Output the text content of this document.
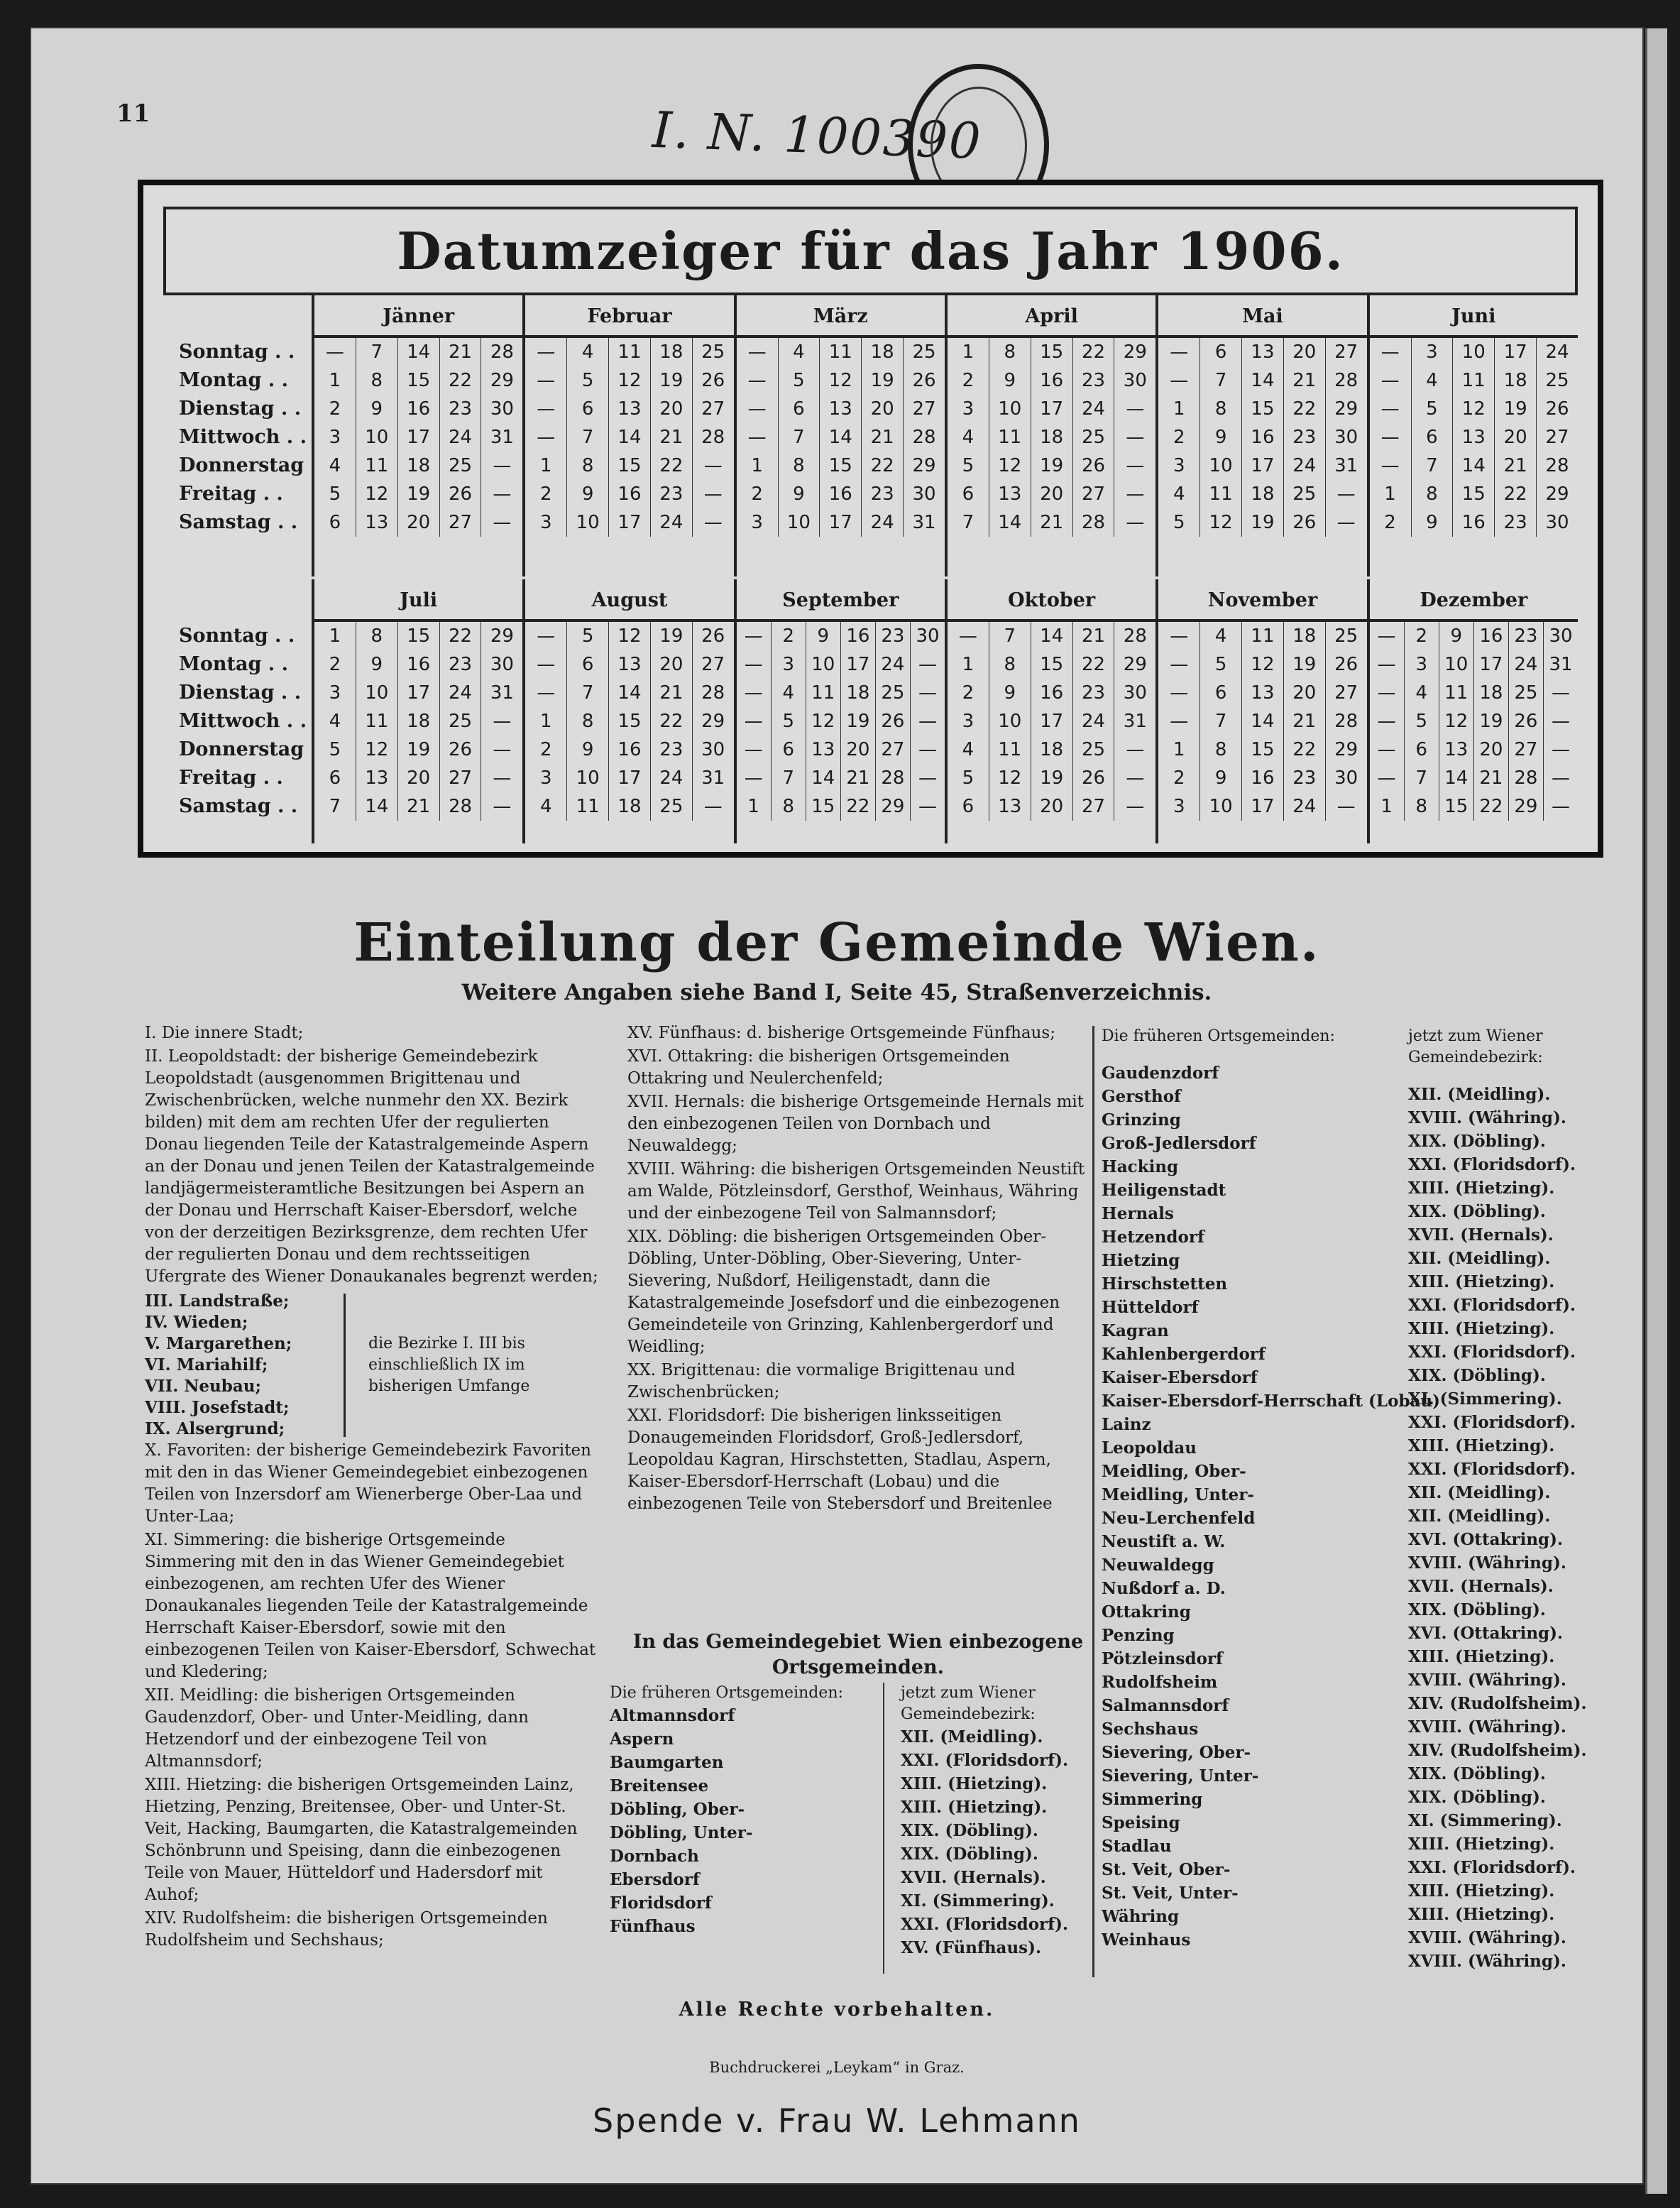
11	I. N. 100390
Datumzeiger für das Jahr 1906.
Sonntag . .
Montag . .
Dienstag . .
Mittwoch . .
Donnerstag
Freitag . .
Samstag . .
Jänner
—
1
2
3
4
5
6
7
8
9
10
11
12
13
14
15
16
17
18
19
20
21
22
23
24
25
26
27
28
29
30
31
—
—
—
Februar
—
—
—
—
1
2
3
4
5
6
7
8
9
10
11
12
13
14
15
16
17
18
19
20
21
22
23
24
25
26
27
28
—
—
—
März
—
—
—
—
1
2
3
4
5
6
7
8
9
10
11
12
13
14
15
16
17
18
19
20
21
22
23
24
25
26
27
28
29
30
31
April
1
2
3
4
5
6
7
8
9
10
11
12
13
14
15
16
17
18
19
20
21
22
23
24
25
26
27
28
29
30
—
—
—
—
—
Mai
—
—
1
2
3
4
5
6
7
8
9
10
11
12
13
14
15
16
17
18
19
20
21
22
23
24
25
26
27
28
29
30
31
—
—
Juni
—
—
—
—
—
1
2
3
4
5
6
7
8
9
10
11
12
13
14
15
16
17
18
19
20
21
22
23
24
25
26
27
28
29
30
Sonntag . .
Montag . .
Dienstag . .
Mittwoch . .
Donnerstag
Freitag . .
Samstag . .
Juli
1
2
3
4
5
6
7
8
9
10
11
12
13
14
15
16
17
18
19
20
21
22
23
24
25
26
27
28
29
30
31
—
—
—
—
August
—
—
—
1
2
3
4
5
6
7
8
9
10
11
12
13
14
15
16
17
18
19
20
21
22
23
24
25
26
27
28
29
30
31
—
September
—
—
—
—
—
—
1
2
3
4
5
6
7
8
9
10
11
12
13
14
15
16
17
18
19
20
21
22
23
24
25
26
27
28
29
30
—
—
—
—
—
—
Oktober
—
1
2
3
4
5
6
7
8
9
10
11
12
13
14
15
16
17
18
19
20
21
22
23
24
25
26
27
28
29
30
31
—
—
—
November
—
—
—
—
1
2
3
4
5
6
7
8
9
10
11
12
13
14
15
16
17
18
19
20
21
22
23
24
25
26
27
28
29
30
—
Dezember
—
—
—
—
—
—
1
2
3
4
5
6
7
8
9
10
11
12
13
14
15
16
17
18
19
20
21
22
23
24
25
26
27
28
29
30
31
—
—
—
—
—
Einteilung der Gemeinde Wien.
Weitere Angaben siehe Band I, Seite 45, Straßenverzeichnis.

I. Die innere Stadt;

II. Leopoldstadt: der bisherige Gemeindebezirk Leopoldstadt (ausgenommen Brigittenau und Zwischenbrücken, welche nunmehr den XX. Bezirk bilden) mit dem am rechten Ufer der regulierten Donau liegenden Teile der Katastralgemeinde Aspern an der Donau und jenen Teilen der Katastralgemeinde landjägermeisteramtliche Besitzungen bei Aspern an der Donau und Herrschaft Kaiser-Ebersdorf, welche von der derzeitigen Bezirksgrenze, dem rechten Ufer der regulierten Donau und dem rechtsseitigen Ufergrate des Wiener Donaukanales begrenzt werden;

III. Landstraße;
IV. Wieden;
V. Margarethen;
VI. Mariahilf;
VII. Neubau;
VIII. Josefstadt;
IX. Alsergrund;
die Bezirke I. III bis einschließlich IX im bisherigen Umfange

X. Favoriten: der bisherige Gemeindebezirk Favoriten mit den in das Wiener Gemeindegebiet einbezogenen Teilen von Inzersdorf am Wienerberge Ober-Laa und Unter-Laa;

XI. Simmering: die bisherige Ortsgemeinde Simmering mit den in das Wiener Gemeindegebiet einbezogenen, am rechten Ufer des Wiener Donaukanales liegenden Teile der Katastralgemeinde Herrschaft Kaiser-Ebersdorf, sowie mit den einbezogenen Teilen von Kaiser-Ebersdorf, Schwechat und Kledering;

XII. Meidling: die bisherigen Ortsgemeinden Gaudenzdorf, Ober- und Unter-Meidling, dann Hetzendorf und der einbezogene Teil von Altmannsdorf;

XIII. Hietzing: die bisherigen Ortsgemeinden Lainz, Hietzing, Penzing, Breitensee, Ober- und Unter-St. Veit, Hacking, Baumgarten, die Katastralgemeinden Schönbrunn und Speising, dann die einbezogenen Teile von Mauer, Hütteldorf und Hadersdorf mit Auhof;

XIV. Rudolfsheim: die bisherigen Ortsgemeinden Rudolfsheim und Sechshaus;

XV. Fünfhaus: d. bisherige Ortsgemeinde Fünfhaus;

XVI. Ottakring: die bisherigen Ortsgemeinden Ottakring und Neulerchenfeld;

XVII. Hernals: die bisherige Ortsgemeinde Hernals mit den einbezogenen Teilen von Dornbach und Neuwaldegg;

XVIII. Währing: die bisherigen Ortsgemeinden Neustift am Walde, Pötzleinsdorf, Gersthof, Weinhaus, Währing und der einbezogene Teil von Salmannsdorf;

XIX. Döbling: die bisherigen Ortsgemeinden Ober-Döbling, Unter-Döbling, Ober-Sievering, Unter-Sievering, Nußdorf, Heiligenstadt, dann die Katastralgemeinde Josefsdorf und die einbezogenen Gemeindeteile von Grinzing, Kahlenbergerdorf und Weidling;

XX. Brigittenau: die vormalige Brigittenau und Zwischenbrücken;

XXI. Floridsdorf: Die bisherigen linksseitigen Donaugemeinden Floridsdorf, Groß-Jedlersdorf, Leopoldau Kagran, Hirschstetten, Stadlau, Aspern, Kaiser-Ebersdorf-Herrschaft (Lobau) und die einbezogenen Teile von Stebersdorf und Breitenlee

In das Gemeindegebiet Wien einbezogene Ortsgemeinden.
Die früheren Ortsgemeinden:
Altmannsdorf
Aspern
Baumgarten
Breitensee
Döbling, Ober-
Döbling, Unter-
Dornbach
Ebersdorf
Floridsdorf
Fünfhaus
jetzt zum Wiener Gemeindebezirk:
XII. (Meidling).
XXI. (Floridsdorf).
XIII. (Hietzing).
XIII. (Hietzing).
XIX. (Döbling).
XIX. (Döbling).
XVII. (Hernals).
XI. (Simmering).
XXI. (Floridsdorf).
XV. (Fünfhaus).
Die früheren Ortsgemeinden:
Gaudenzdorf
Gersthof
Grinzing
Groß-Jedlersdorf
Hacking
Heiligenstadt
Hernals
Hetzendorf
Hietzing
Hirschstetten
Hütteldorf
Kagran
Kahlenbergerdorf
Kaiser-Ebersdorf
Kaiser-Ebersdorf-Herrschaft (Lobau)
Lainz
Leopoldau
Meidling, Ober-
Meidling, Unter-
Neu-Lerchenfeld
Neustift a. W.
Neuwaldegg
Nußdorf a. D.
Ottakring
Penzing
Pötzleinsdorf
Rudolfsheim
Salmannsdorf
Sechshaus
Sievering, Ober-
Sievering, Unter-
Simmering
Speising
Stadlau
St. Veit, Ober-
St. Veit, Unter-
Währing
Weinhaus
jetzt zum Wiener Gemeindebezirk:
XII. (Meidling).
XVIII. (Währing).
XIX. (Döbling).
XXI. (Floridsdorf).
XIII. (Hietzing).
XIX. (Döbling).
XVII. (Hernals).
XII. (Meidling).
XIII. (Hietzing).
XXI. (Floridsdorf).
XIII. (Hietzing).
XXI. (Floridsdorf).
XIX. (Döbling).
XI. (Simmering).
XXI. (Floridsdorf).
XIII. (Hietzing).
XXI. (Floridsdorf).
XII. (Meidling).
XII. (Meidling).
XVI. (Ottakring).
XVIII. (Währing).
XVII. (Hernals).
XIX. (Döbling).
XVI. (Ottakring).
XIII. (Hietzing).
XVIII. (Währing).
XIV. (Rudolfsheim).
XVIII. (Währing).
XIV. (Rudolfsheim).
XIX. (Döbling).
XIX. (Döbling).
XI. (Simmering).
XIII. (Hietzing).
XXI. (Floridsdorf).
XIII. (Hietzing).
XIII. (Hietzing).
XVIII. (Währing).
XVIII. (Währing).
Alle Rechte vorbehalten.
Buchdruckerei „Leykam“ in Graz.
Spende v. Frau W. Lehmann
